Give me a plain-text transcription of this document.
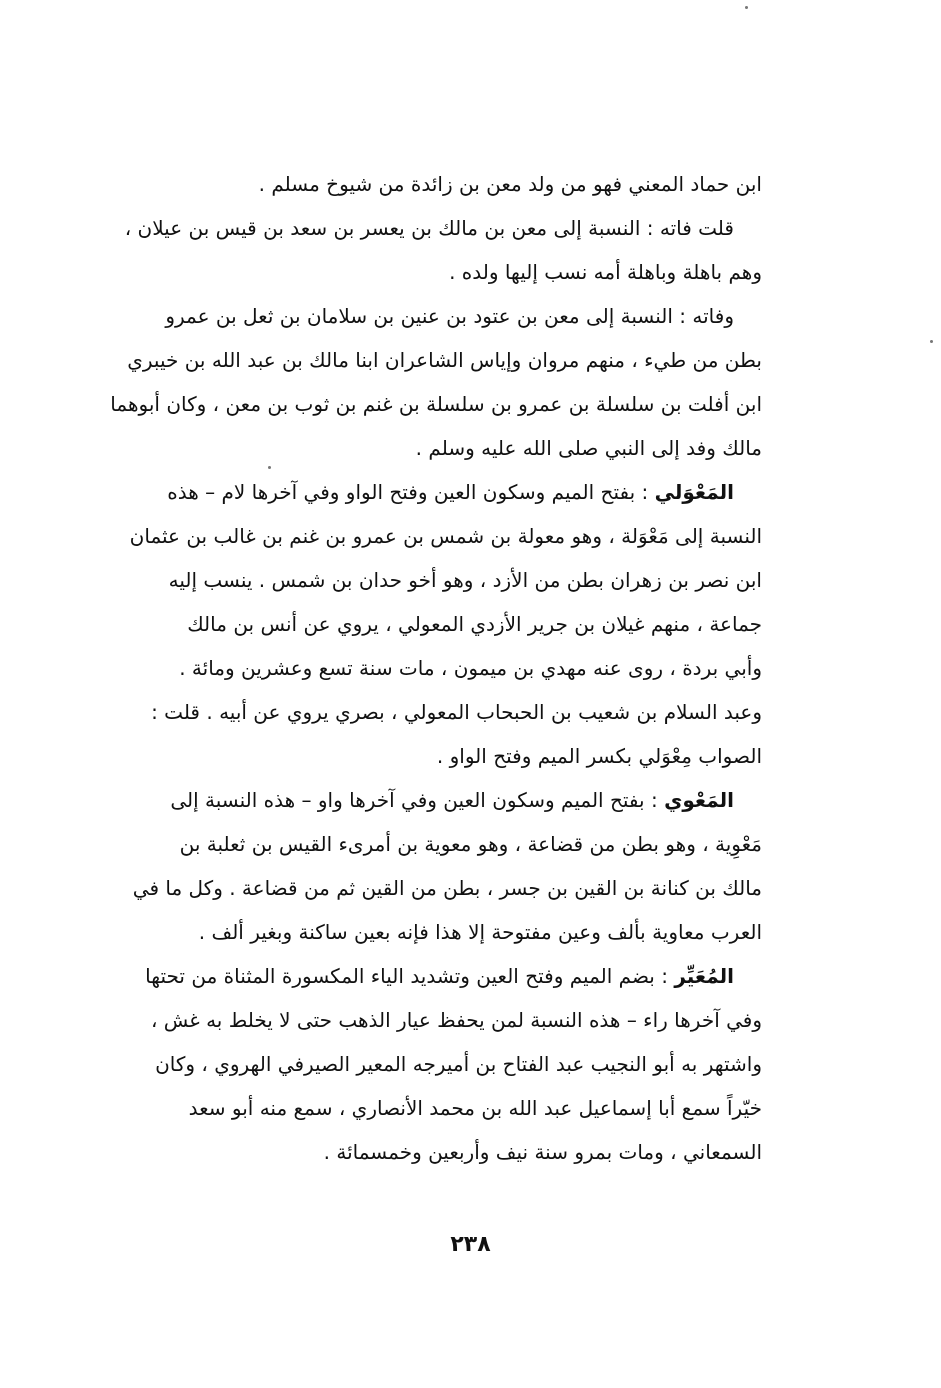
ابن حماد المعني فهو من ولد معن بن زائدة من شيوخ مسلم .
قلت فاته : النسبة إلى معن بن مالك بن يعسر بن سعد بن قيس بن عيلان ،
وهم باهلة وباهلة أمه نسب إليها ولده .
وفاته : النسبة إلى معن بن عتود بن عنين بن سلامان بن ثعل بن عمرو
بطن من طيء ، منهم مروان وإياس الشاعران ابنا مالك بن عبد الله بن خيبري
ابن أفلت بن سلسلة بن عمرو بن سلسلة بن غنم بن ثوب بن معن ، وكان أبوهما
مالك وفد إلى النبي صلى الله عليه وسلم .
المَعْوَلي : بفتح الميم وسكون العين وفتح الواو وفي آخرها لام – هذه
النسبة إلى مَعْوَلة ، وهو معولة بن شمس بن عمرو بن غنم بن غالب بن عثمان
ابن نصر بن زهران بطن من الأزد ، وهو أخو حدان بن شمس . ينسب إليه
جماعة ، منهم غيلان بن جرير الأزدي المعولي ، يروي عن أنس بن مالك
وأبي بردة ، روى عنه مهدي بن ميمون ، مات سنة تسع وعشرين ومائة .
وعبد السلام بن شعيب بن الحبحاب المعولي ، بصري يروي عن أبيه . قلت :
الصواب مِعْوَلي بكسر الميم وفتح الواو .
المَعْوي : بفتح الميم وسكون العين وفي آخرها واو – هذه النسبة إلى
مَعْوِية ، وهو بطن من قضاعة ، وهو معوية بن أمرىء القيس بن ثعلبة بن
مالك بن كنانة بن القين بن جسر ، بطن من القين ثم من قضاعة . وكل ما في
العرب معاوية بألف وعين مفتوحة إلا هذا فإنه بعين ساكنة وبغير ألف .
المُعَيِّر : بضم الميم وفتح العين وتشديد الياء المكسورة المثناة من تحتها
وفي آخرها راء – هذه النسبة لمن يحفظ عيار الذهب حتى لا يخلط به غش ،
واشتهر به أبو النجيب عبد الفتاح بن أميرجه المعير الصيرفي الهروي ، وكان
خيّراً سمع أبا إسماعيل عبد الله بن محمد الأنصاري ، سمع منه أبو سعد
السمعاني ، ومات بمرو سنة نيف وأربعين وخمسمائة .
٢٣٨
